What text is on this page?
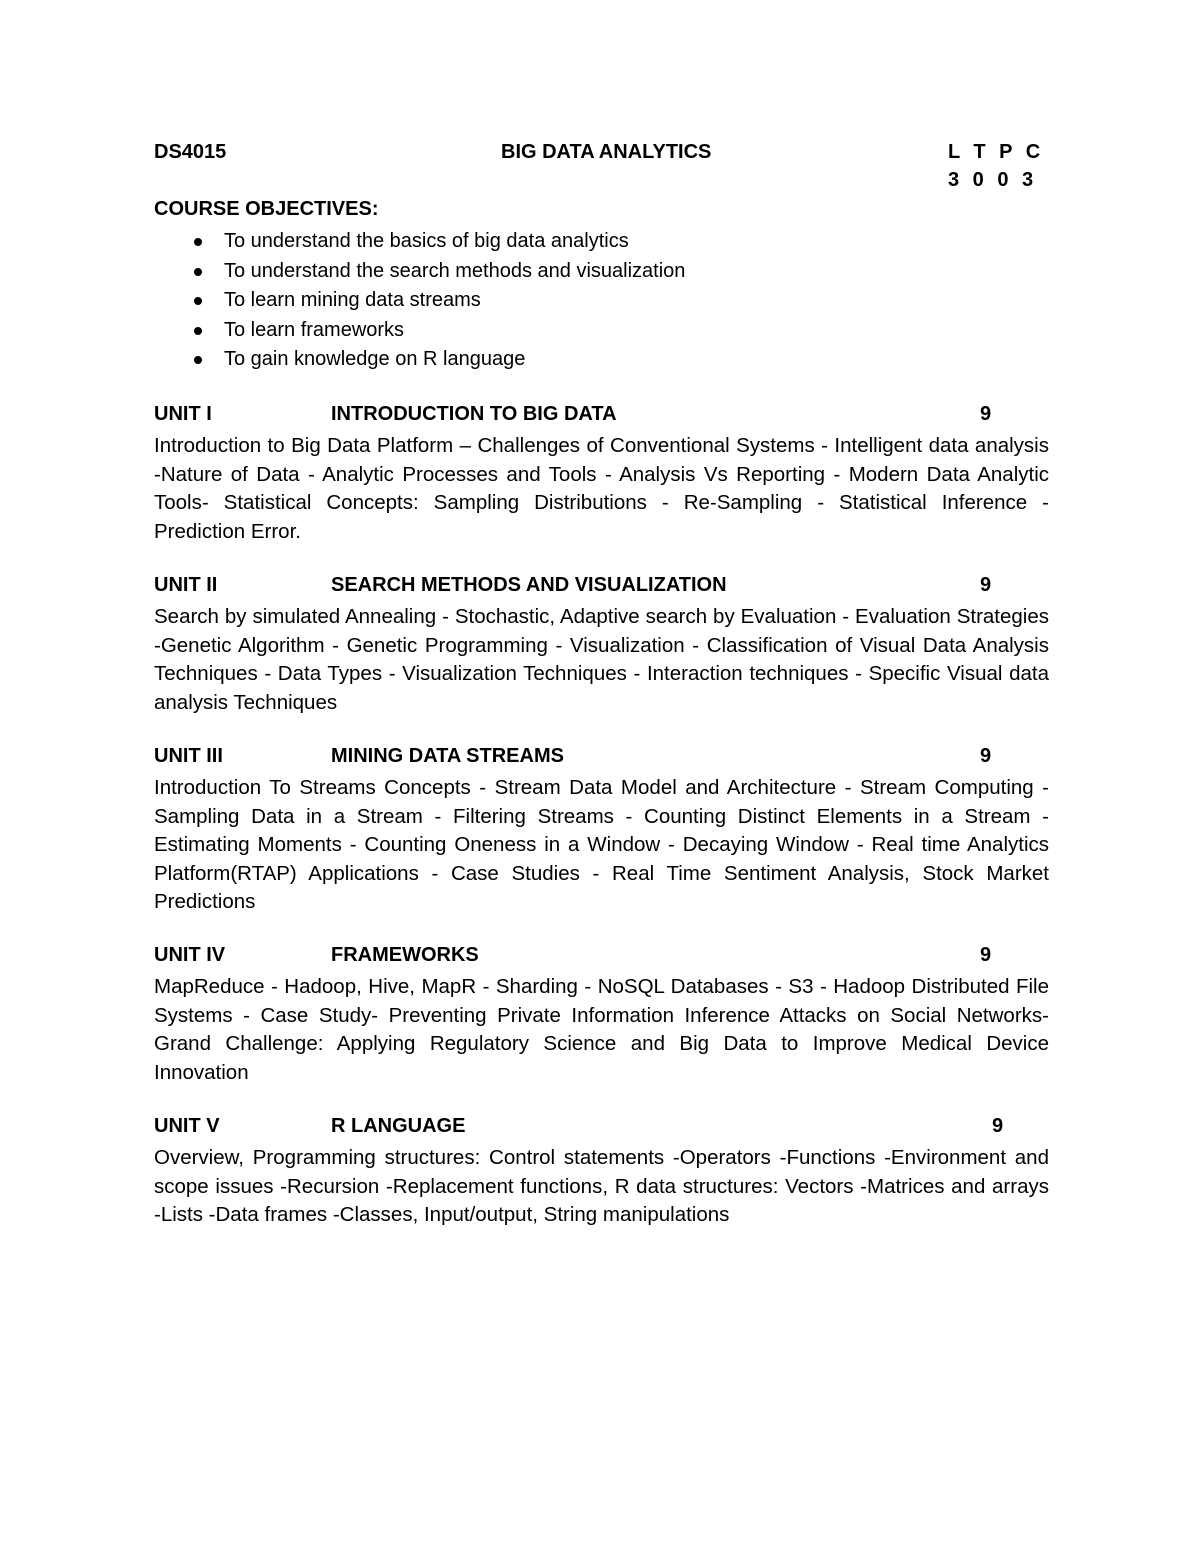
DS4015	BIG DATA ANALYTICS	L T P C
3 0 0 3
COURSE OBJECTIVES:
To understand the basics of big data analytics
To understand the search methods and visualization
To learn mining data streams
To learn frameworks
To gain knowledge on R language
UNIT I	INTRODUCTION TO BIG DATA	9

Introduction to Big Data Platform – Challenges of Conventional Systems - Intelligent data analysis -Nature of Data - Analytic Processes and Tools - Analysis Vs Reporting - Modern Data Analytic Tools- Statistical Concepts: Sampling Distributions - Re-Sampling - Statistical Inference - Prediction Error.

UNIT II	SEARCH METHODS AND VISUALIZATION	9

Search by simulated Annealing - Stochastic, Adaptive search by Evaluation - Evaluation Strategies -Genetic Algorithm - Genetic Programming - Visualization - Classification of Visual Data Analysis Techniques - Data Types - Visualization Techniques - Interaction techniques - Specific Visual data analysis Techniques

UNIT III	MINING DATA STREAMS	9

Introduction To Streams Concepts - Stream Data Model and Architecture - Stream Computing -Sampling Data in a Stream - Filtering Streams - Counting Distinct Elements in a Stream - Estimating Moments - Counting Oneness in a Window - Decaying Window - Real time Analytics Platform(RTAP) Applications - Case Studies - Real Time Sentiment Analysis, Stock Market Predictions

UNIT IV	FRAMEWORKS	9

MapReduce - Hadoop, Hive, MapR - Sharding - NoSQL Databases - S3 - Hadoop Distributed File Systems - Case Study- Preventing Private Information Inference Attacks on Social Networks- Grand Challenge: Applying Regulatory Science and Big Data to Improve Medical Device Innovation

UNIT V	R LANGUAGE	9

Overview, Programming structures: Control statements -Operators -Functions -Environment and scope issues -Recursion -Replacement functions, R data structures: Vectors -Matrices and arrays -Lists -Data frames -Classes, Input/output, String manipulations
